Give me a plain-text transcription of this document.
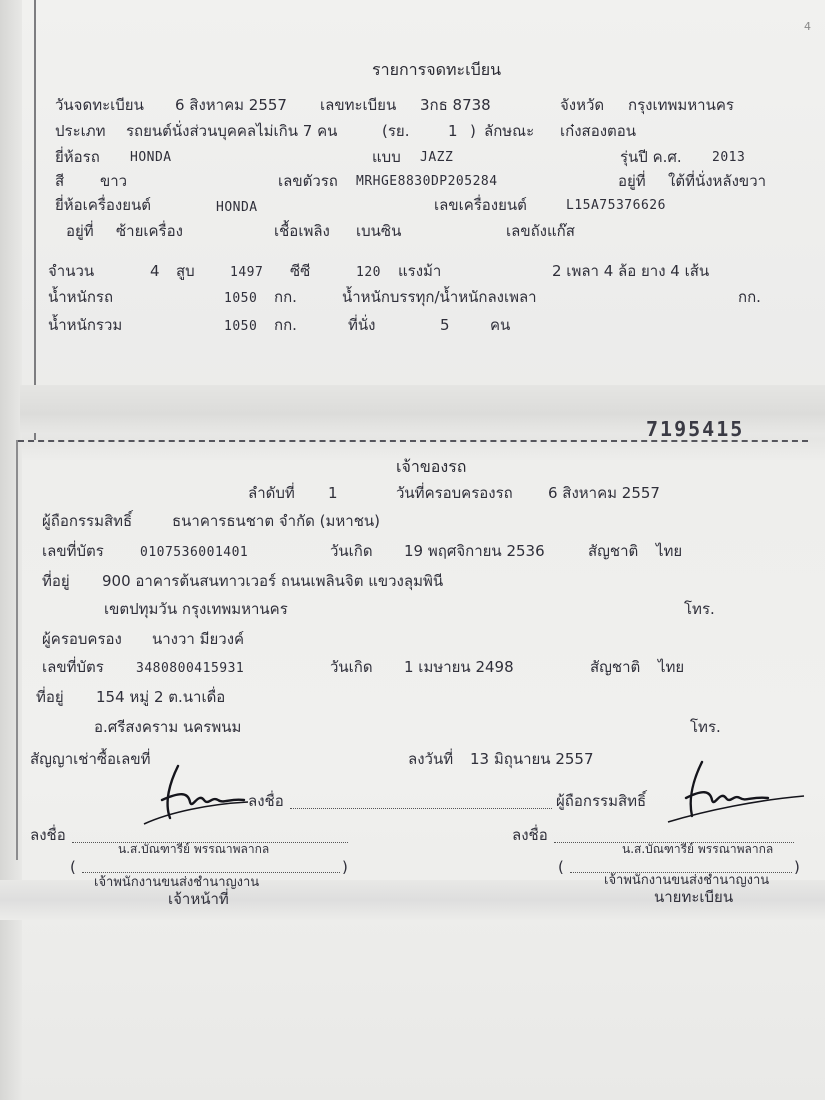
4
รายการจดทะเบียน
วันจดทะเบียน 6 สิงหาคม 2557 เลขทะเบียน 3กธ 8738	จังหวัด กรุงเทพมหานคร
ประเภท รถยนต์นั่งส่วนบุคคลไม่เกิน 7 คน	(รย.	1 ) ลักษณะ เก๋งสองตอน
ยี่ห้อรถ HONDA	แบบ JAZZ	รุ่นปี ค.ศ. 2013
สี ขาว	เลขตัวรถ MRHGE8830DP205284	อยู่ที่ ใต้ที่นั่งหลังขวา
ยี่ห้อเครื่องยนต์	HONDA	เลขเครื่องยนต์	L15A75376626
อยู่ที่ ซ้ายเครื่อง	เชื้อเพลิง เบนซิน	เลขถังแก๊ส
จำนวน	4 สูบ	1497 ซีซี	120 แรงม้า	2 เพลา 4 ล้อ ยาง 4 เส้น
น้ำหนักรถ	1050 กก.	น้ำหนักบรรทุก/น้ำหนักลงเพลา	กก.
น้ำหนักรวม	1050 กก.	ที่นั่ง	5	คน
7195415
เจ้าของรถ
ลำดับที่ 1	วันที่ครอบครองรถ 6 สิงหาคม 2557
ผู้ถือกรรมสิทธิ์	ธนาคารธนชาต จำกัด (มหาชน)
เลขที่บัตร	0107536001401	วันเกิด 19 พฤศจิกายน 2536	สัญชาติ ไทย
ที่อยู่ 900 อาคารต้นสนทาวเวอร์ ถนนเพลินจิต แขวงลุมพินี
เขตปทุมวัน กรุงเทพมหานคร	โทร.
ผู้ครอบครอง นางวา มียวงค์
เลขที่บัตร 3480800415931	วันเกิด 1 เมษายน 2498	สัญชาติ ไทย
ที่อยู่ 154 หมู่ 2 ต.นาเดื่อ
อ.ศรีสงคราม นครพนม	โทร.
สัญญาเช่าซื้อเลขที่	ลงวันที่ 13 มิถุนายน 2557
ลงชื่อ	ผู้ถือกรรมสิทธิ์
ลงชื่อ	ลงชื่อ
น.ส.บัณฑารีย์ พรรณาพลากล	น.ส.บัณฑารีย์ พรรณาพลากล
(	)	(	)
เจ้าพนักงานขนส่งชำนาญงาน	เจ้าพนักงานขนส่งชำนาญงาน
เจ้าหน้าที่	นายทะเบียน
